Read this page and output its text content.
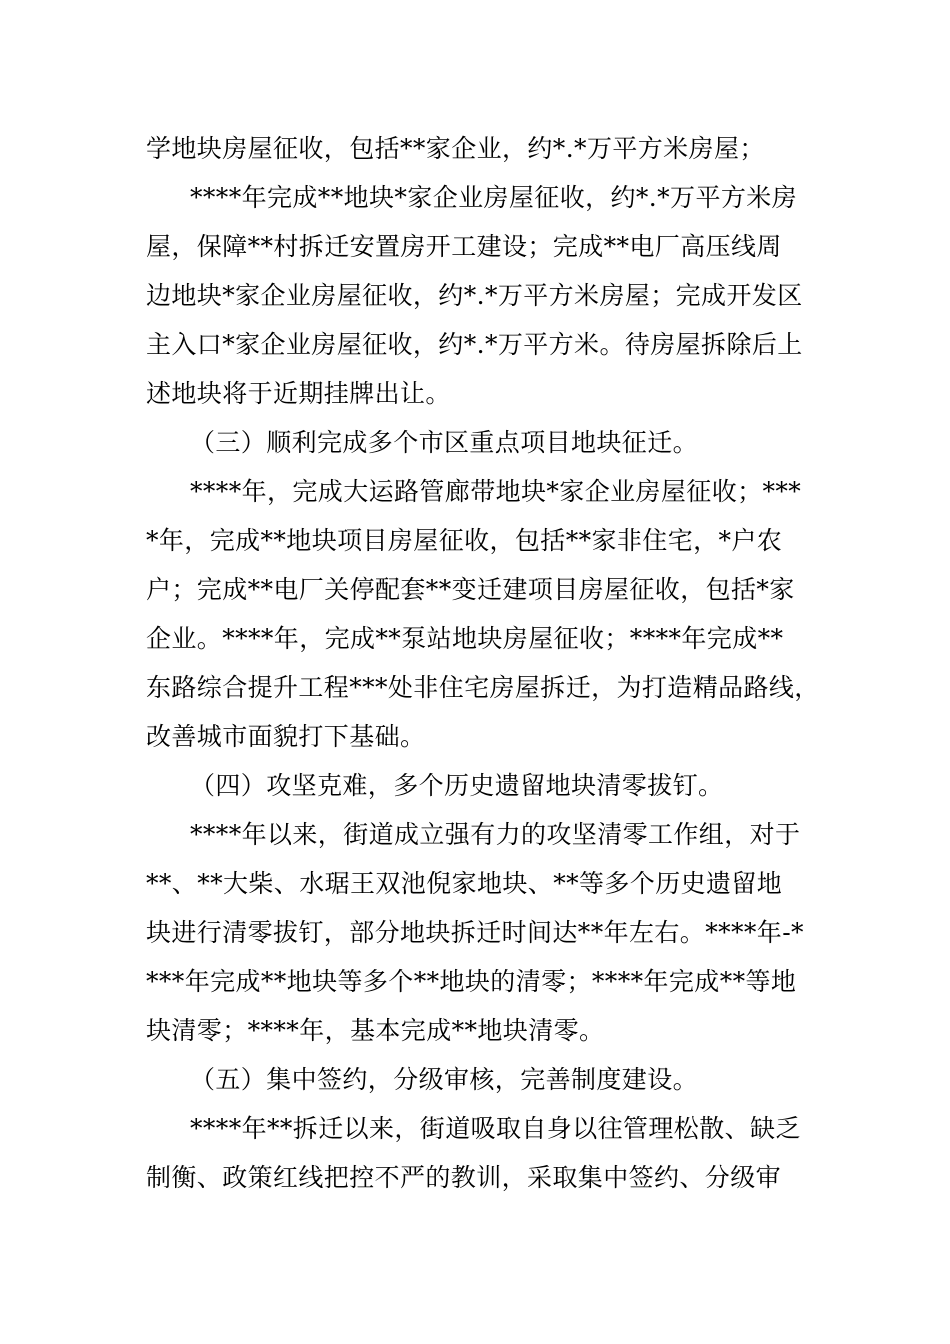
学地块房屋征收，包括**家企业，约*.*万平方米房屋；
****年完成**地块*家企业房屋征收，约*.*万平方米房
屋，保障**村拆迁安置房开工建设；完成**电厂高压线周
边地块*家企业房屋征收，约*.*万平方米房屋；完成开发区
主入口*家企业房屋征收，约*.*万平方米。待房屋拆除后上
述地块将于近期挂牌出让。
（三）顺利完成多个市区重点项目地块征迁。
****年，完成大运路管廊带地块*家企业房屋征收；***
*年，完成**地块项目房屋征收，包括**家非住宅，*户农
户；完成**电厂关停配套**变迁建项目房屋征收，包括*家
企业。****年，完成**泵站地块房屋征收；****年完成**
东路综合提升工程***处非住宅房屋拆迁，为打造精品路线，
改善城市面貌打下基础。
（四）攻坚克难，多个历史遗留地块清零拔钉。
****年以来，街道成立强有力的攻坚清零工作组，对于
**、**大柴、水琚王双池倪家地块、**等多个历史遗留地
块进行清零拔钉，部分地块拆迁时间达**年左右。****年-*
***年完成**地块等多个**地块的清零；****年完成**等地
块清零；****年，基本完成**地块清零。
（五）集中签约，分级审核，完善制度建设。
****年**拆迁以来，街道吸取自身以往管理松散、缺乏
制衡、政策红线把控不严的教训，采取集中签约、分级审
